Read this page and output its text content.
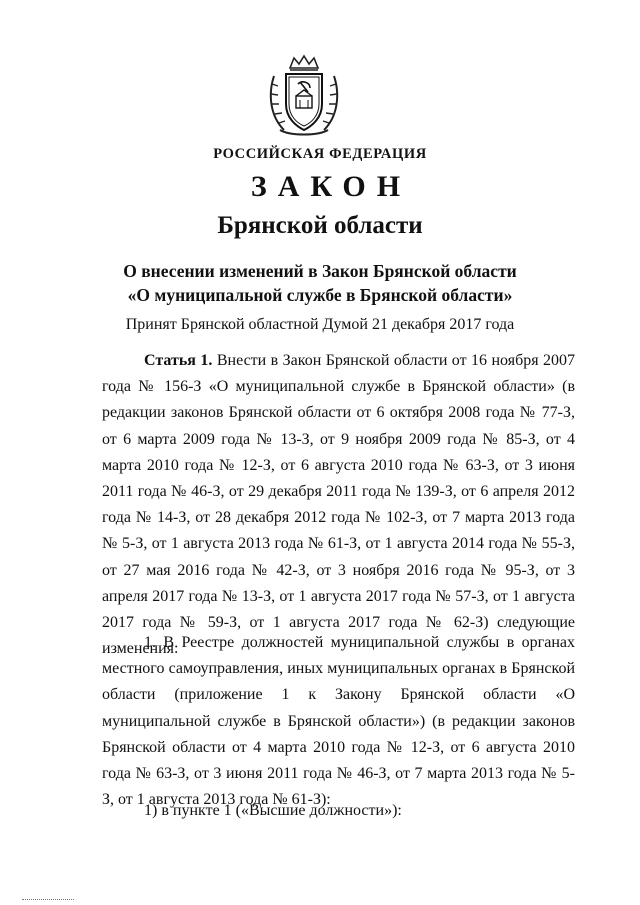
РОССИЙСКАЯ ФЕДЕРАЦИЯ
ЗАКОН
Брянской области
О внесении изменений в Закон Брянской области
«О муниципальной службе в Брянской области»
Принят Брянской областной Думой 21 декабря 2017 года

Статья 1. Внести в Закон Брянской области от 16 ноября 2007 года № 156-З «О муниципальной службе в Брянской области» (в редакции законов Брянской области от 6 октября 2008 года № 77-З, от 6 марта 2009 года № 13-З, от 9 ноября 2009 года № 85-З, от 4 марта 2010 года № 12-З, от 6 августа 2010 года № 63-З, от 3 июня 2011 года № 46-З, от 29 декабря 2011 года № 139-З, от 6 апреля 2012 года № 14-З, от 28 декабря 2012 года № 102-З, от 7 марта 2013 года № 5-З, от 1 августа 2013 года № 61-З, от 1 августа 2014 года № 55-З, от 27 мая 2016 года № 42-З, от 3 ноября 2016 года № 95-З, от 3 апреля 2017 года № 13-З, от 1 августа 2017 года № 57-З, от 1 августа 2017 года № 59-З, от 1 августа 2017 года № 62-З) следующие изменения:

1. В Реестре должностей муниципальной службы в органах местного самоуправления, иных муниципальных органах в Брянской области (приложение 1 к Закону Брянской области «О муниципальной службе в Брянской области») (в редакции законов Брянской области от 4 марта 2010 года № 12-З, от 6 августа 2010 года № 63-З, от 3 июня 2011 года № 46-З, от 7 марта 2013 года № 5-З, от 1 августа 2013 года № 61-З):

1) в пункте 1 («Высшие должности»):
